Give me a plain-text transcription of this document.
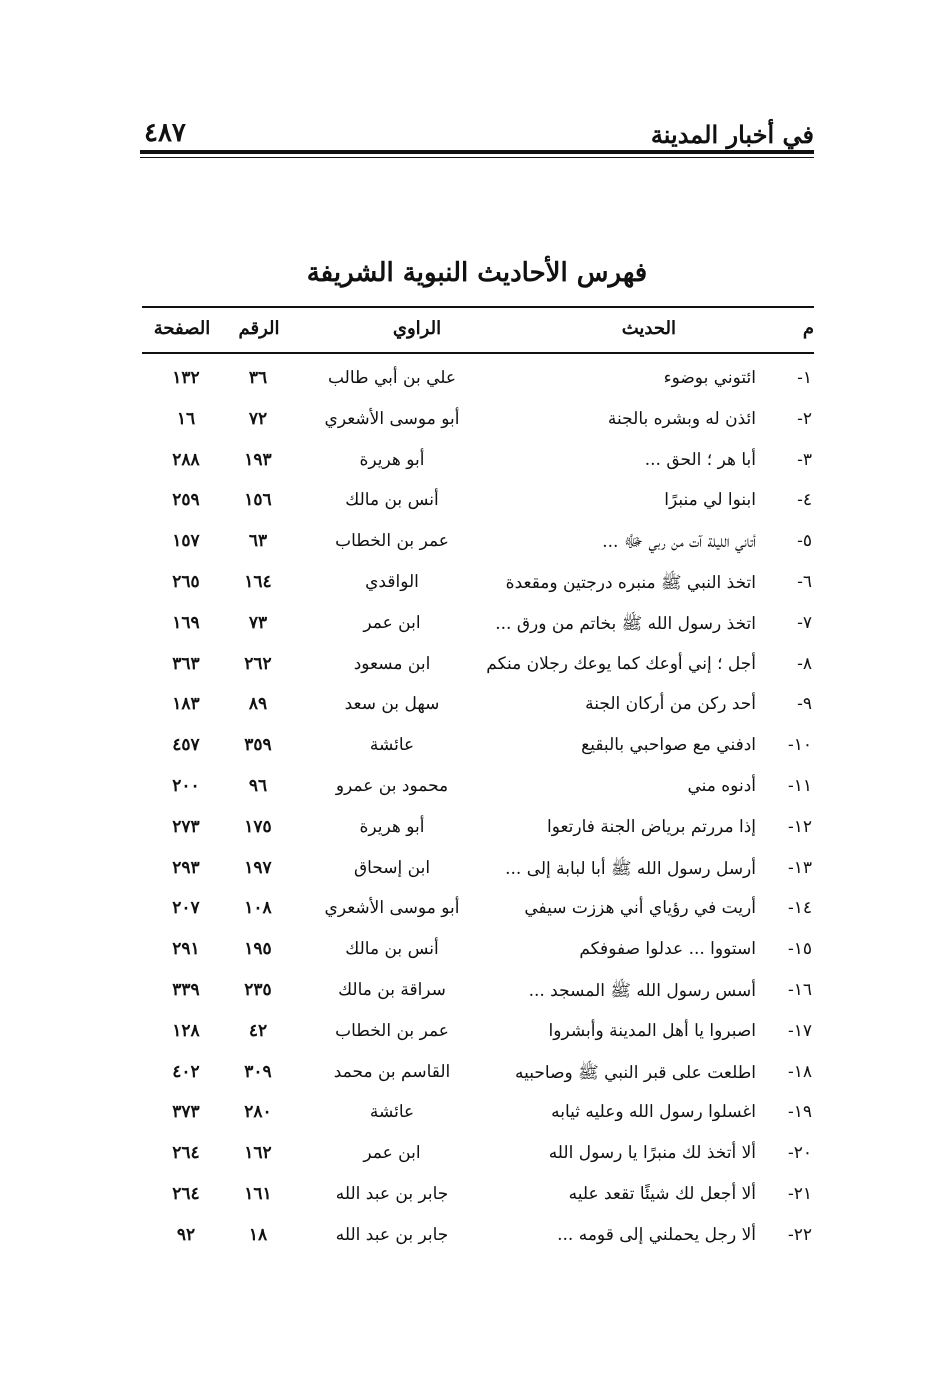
في أخبار المدينة
٤٨٧
فهرس الأحاديث النبوية الشريفة
م
الحديث
الراوي
الرقم
الصفحة
١-
ائتوني بوضوء
علي بن أبي طالب
٣٦
١٣٢
٢-
ائذن له وبشره بالجنة
أبو موسى الأشعري
٧٢
١٦
٣-
أبا هر ؛ الحق ...
أبو هريرة
١٩٣
٢٨٨
٤-
ابنوا لي منبرًا
أنس بن مالك
١٥٦
٢٥٩
٥-
أتاني الليلة آت من ربي ﷻ ...
عمر بن الخطاب
٦٣
١٥٧
٦-
اتخذ النبي ﷺ منبره درجتين ومقعدة
الواقدي
١٦٤
٢٦٥
٧-
اتخذ رسول الله ﷺ بخاتم من ورق ...
ابن عمر
٧٣
١٦٩
٨-
أجل ؛ إني أوعك كما يوعك رجلان منكم
ابن مسعود
٢٦٢
٣٦٣
٩-
أحد ركن من أركان الجنة
سهل بن سعد
٨٩
١٨٣
١٠-
ادفني مع صواحبي بالبقيع
عائشة
٣٥٩
٤٥٧
١١-
أدنوه مني
محمود بن عمرو
٩٦
٢٠٠
١٢-
إذا مررتم برياض الجنة فارتعوا
أبو هريرة
١٧٥
٢٧٣
١٣-
أرسل رسول الله ﷺ أبا لبابة إلى ...
ابن إسحاق
١٩٧
٢٩٣
١٤-
أريت في رؤياي أني هززت سيفي
أبو موسى الأشعري
١٠٨
٢٠٧
١٥-
استووا ... عدلوا صفوفكم
أنس بن مالك
١٩٥
٢٩١
١٦-
أسس رسول الله ﷺ المسجد ...
سراقة بن مالك
٢٣٥
٣٣٩
١٧-
اصبروا يا أهل المدينة وأبشروا
عمر بن الخطاب
٤٢
١٢٨
١٨-
اطلعت على قبر النبي ﷺ وصاحبيه
القاسم بن محمد
٣٠٩
٤٠٢
١٩-
اغسلوا رسول الله وعليه ثيابه
عائشة
٢٨٠
٣٧٣
٢٠-
ألا أتخذ لك منبرًا يا رسول الله
ابن عمر
١٦٢
٢٦٤
٢١-
ألا أجعل لك شيئًا تقعد عليه
جابر بن عبد الله
١٦١
٢٦٤
٢٢-
ألا رجل يحملني إلى قومه ...
جابر بن عبد الله
١٨
٩٢
